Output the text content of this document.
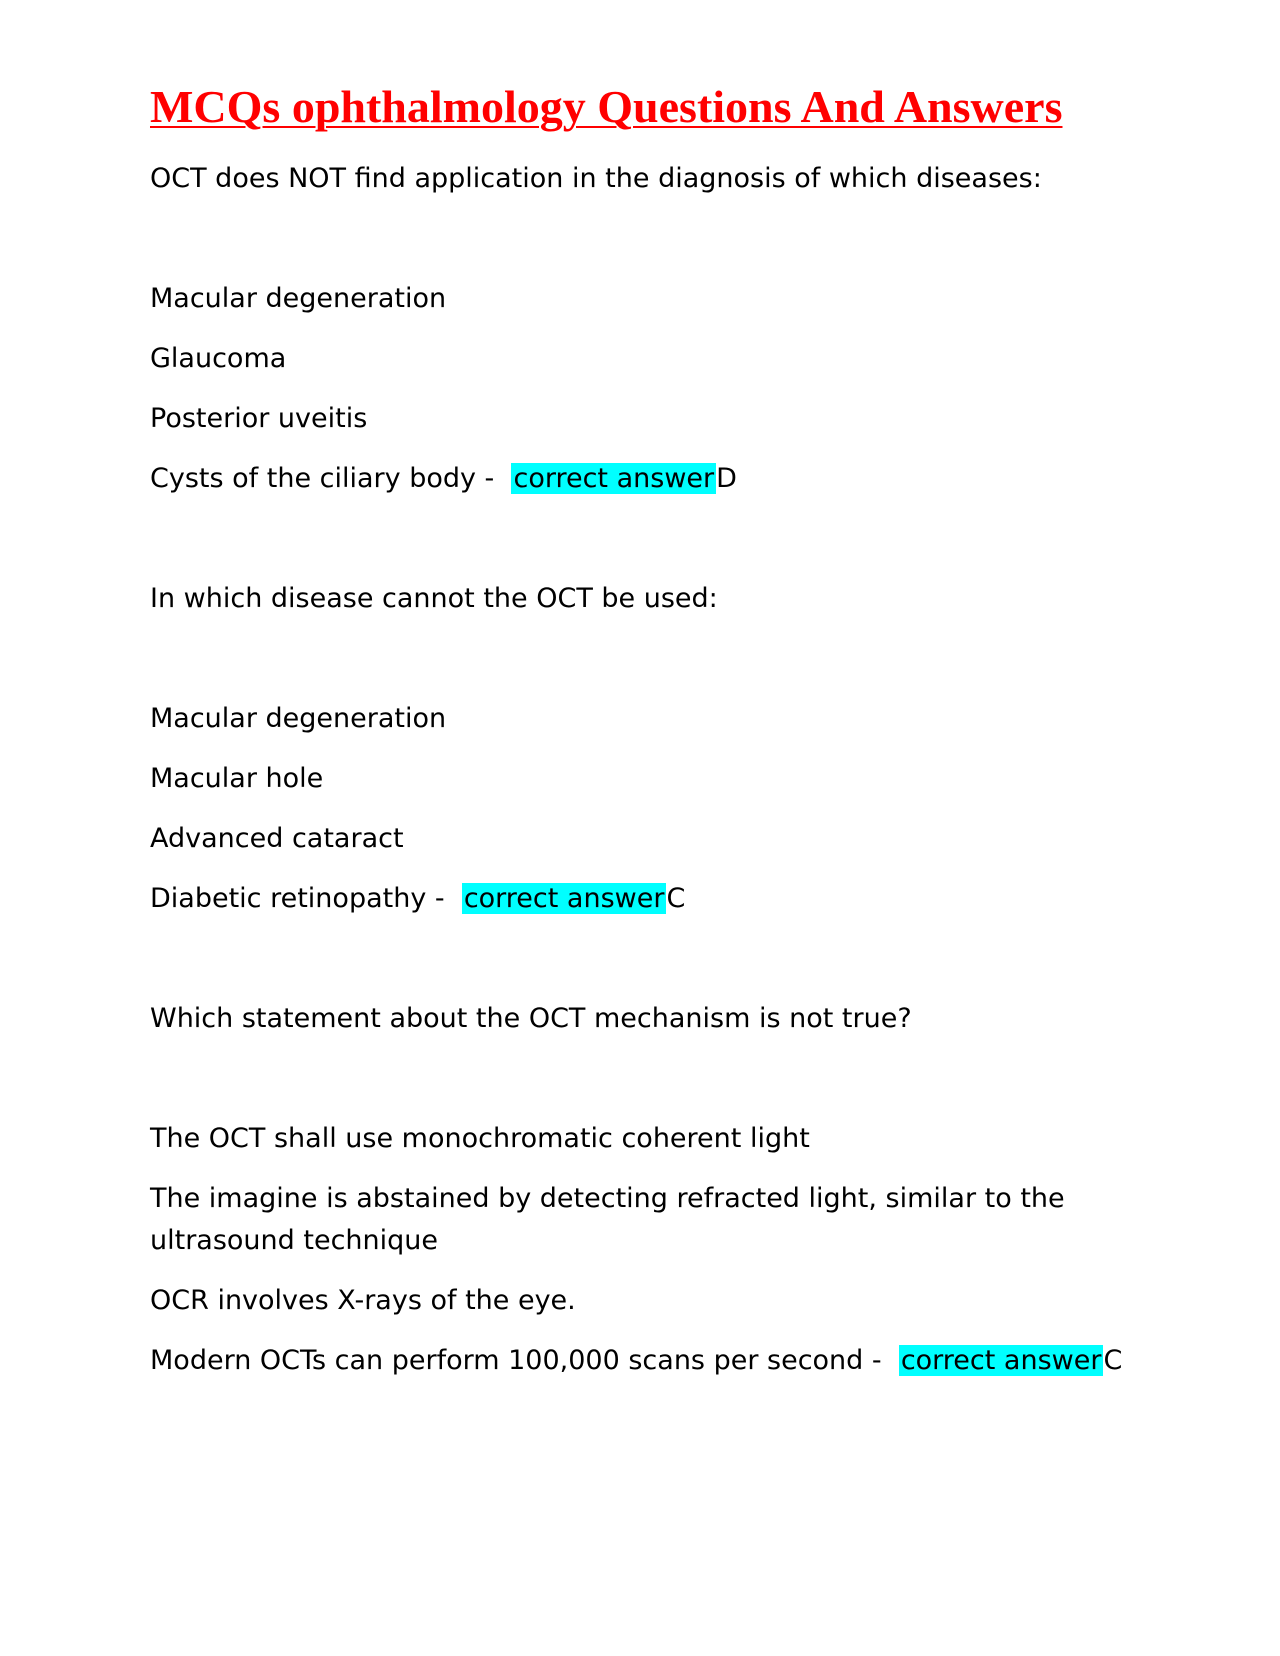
MCQs ophthalmology Questions And Answers

OCT does NOT find application in the diagnosis of which diseases:

Macular degeneration
Glaucoma
Posterior uveitis
Cysts of the ciliary body - correct answerD

In which disease cannot the OCT be used:

Macular degeneration
Macular hole
Advanced cataract
Diabetic retinopathy - correct answerC

Which statement about the OCT mechanism is not true?

The OCT shall use monochromatic coherent light
The imagine is abstained by detecting refracted light, similar to the ultrasound technique
OCR involves X-rays of the eye.
Modern OCTs can perform 100,000 scans per second - correct answerC
